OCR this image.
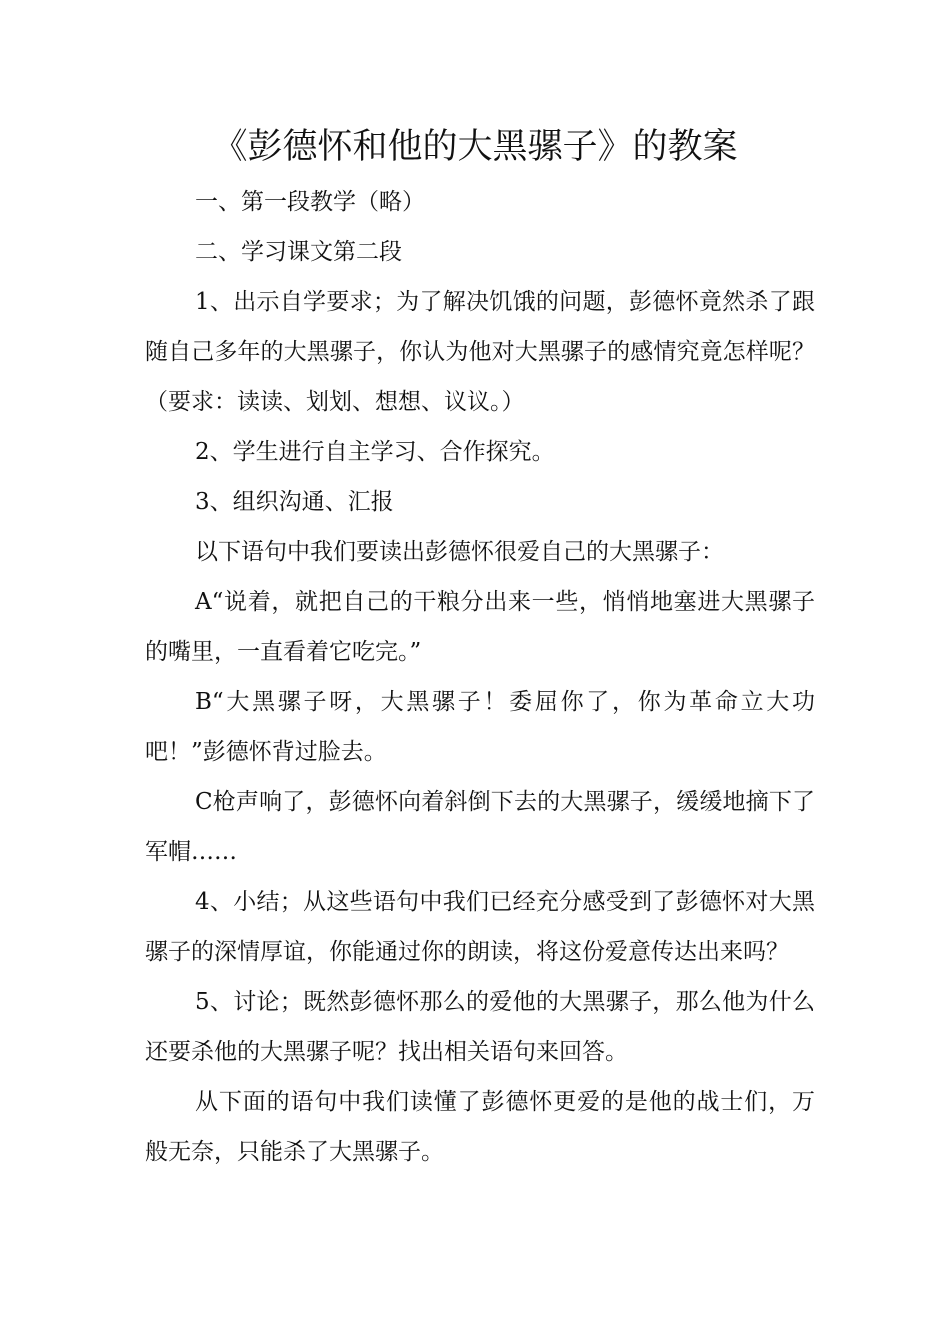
《彭德怀和他的大黑骡子》的教案

一、第一段教学（略）

二、学习课文第二段

1、出示自学要求；为了解决饥饿的问题，彭德怀竟然杀了跟随自己多年的大黑骡子，你认为他对大黑骡子的感情究竟怎样呢？（要求：读读、划划、想想、议议。）

2、学生进行自主学习、合作探究。

3、组织沟通、汇报

以下语句中我们要读出彭德怀很爱自己的大黑骡子：

A“说着，就把自己的干粮分出来一些，悄悄地塞进大黑骡子的嘴里，一直看着它吃完。”

B“大黑骡子呀，大黑骡子！委屈你了，你为革命立大功吧！”彭德怀背过脸去。

C枪声响了，彭德怀向着斜倒下去的大黑骡子，缓缓地摘下了军帽……

4、小结；从这些语句中我们已经充分感受到了彭德怀对大黑骡子的深情厚谊，你能通过你的朗读，将这份爱意传达出来吗？

5、讨论；既然彭德怀那么的爱他的大黑骡子，那么他为什么还要杀他的大黑骡子呢？找出相关语句来回答。

从下面的语句中我们读懂了彭德怀更爱的是他的战士们，万般无奈，只能杀了大黑骡子。
